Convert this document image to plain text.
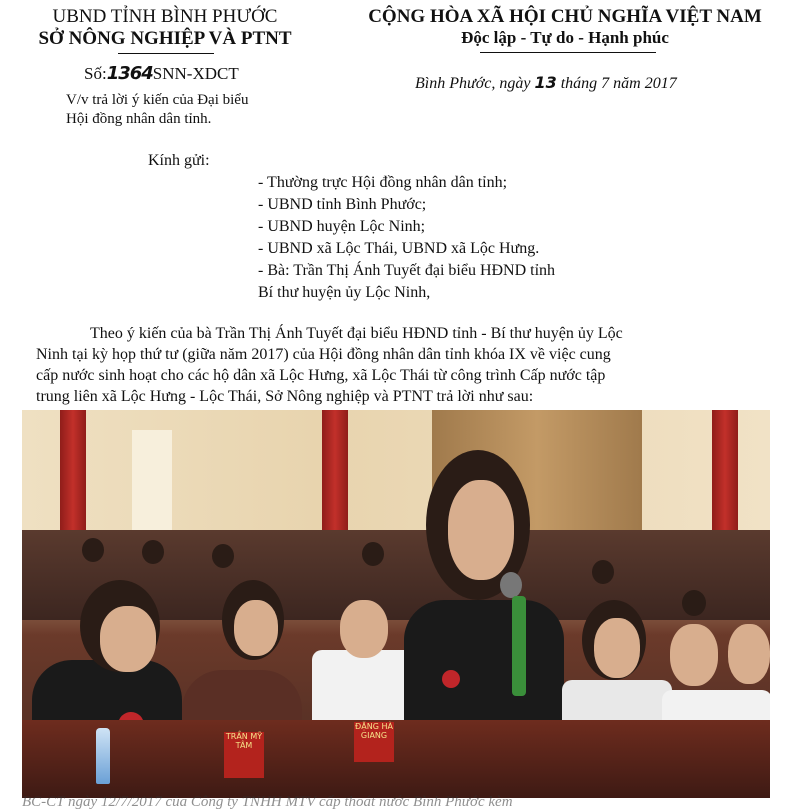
UBND TỈNH BÌNH PHƯỚC
SỞ NÔNG NGHIỆP VÀ PTNT
CỘNG HÒA XÃ HỘI CHỦ NGHĨA VIỆT NAM
Độc lập - Tự do - Hạnh phúc
Số:1364SNN-XDCT
Bình Phước, ngày 13 tháng 7 năm 2017
V/v trả lời ý kiến của Đại biểu
Hội đồng nhân dân tỉnh.
Kính gửi:
- Thường trực Hội đồng nhân dân tỉnh;
- UBND tỉnh Bình Phước;
- UBND huyện Lộc Ninh;
- UBND xã Lộc Thái, UBND xã Lộc Hưng.
- Bà: Trần Thị Ánh Tuyết đại biểu HĐND tỉnh
Bí thư huyện ủy Lộc Ninh,
Theo ý kiến của bà Trần Thị Ánh Tuyết đại biểu HĐND tỉnh - Bí thư huyện ủy Lộc
Ninh tại kỳ họp thứ tư (giữa năm 2017) của Hội đồng nhân dân tỉnh khóa IX về việc cung
cấp nước sinh hoạt cho các hộ dân xã Lộc Hưng, xã Lộc Thái từ công trình Cấp nước tập
trung liên xã Lộc Hưng - Lộc Thái, Sở Nông nghiệp và PTNT trả lời như sau:
TRẦN MỸ TÂM
ĐẶNG HÀ GIANG
BC-CT ngày 12/7/2017 của Công ty TNHH MTV cấp thoát nước Bình Phước kèm
